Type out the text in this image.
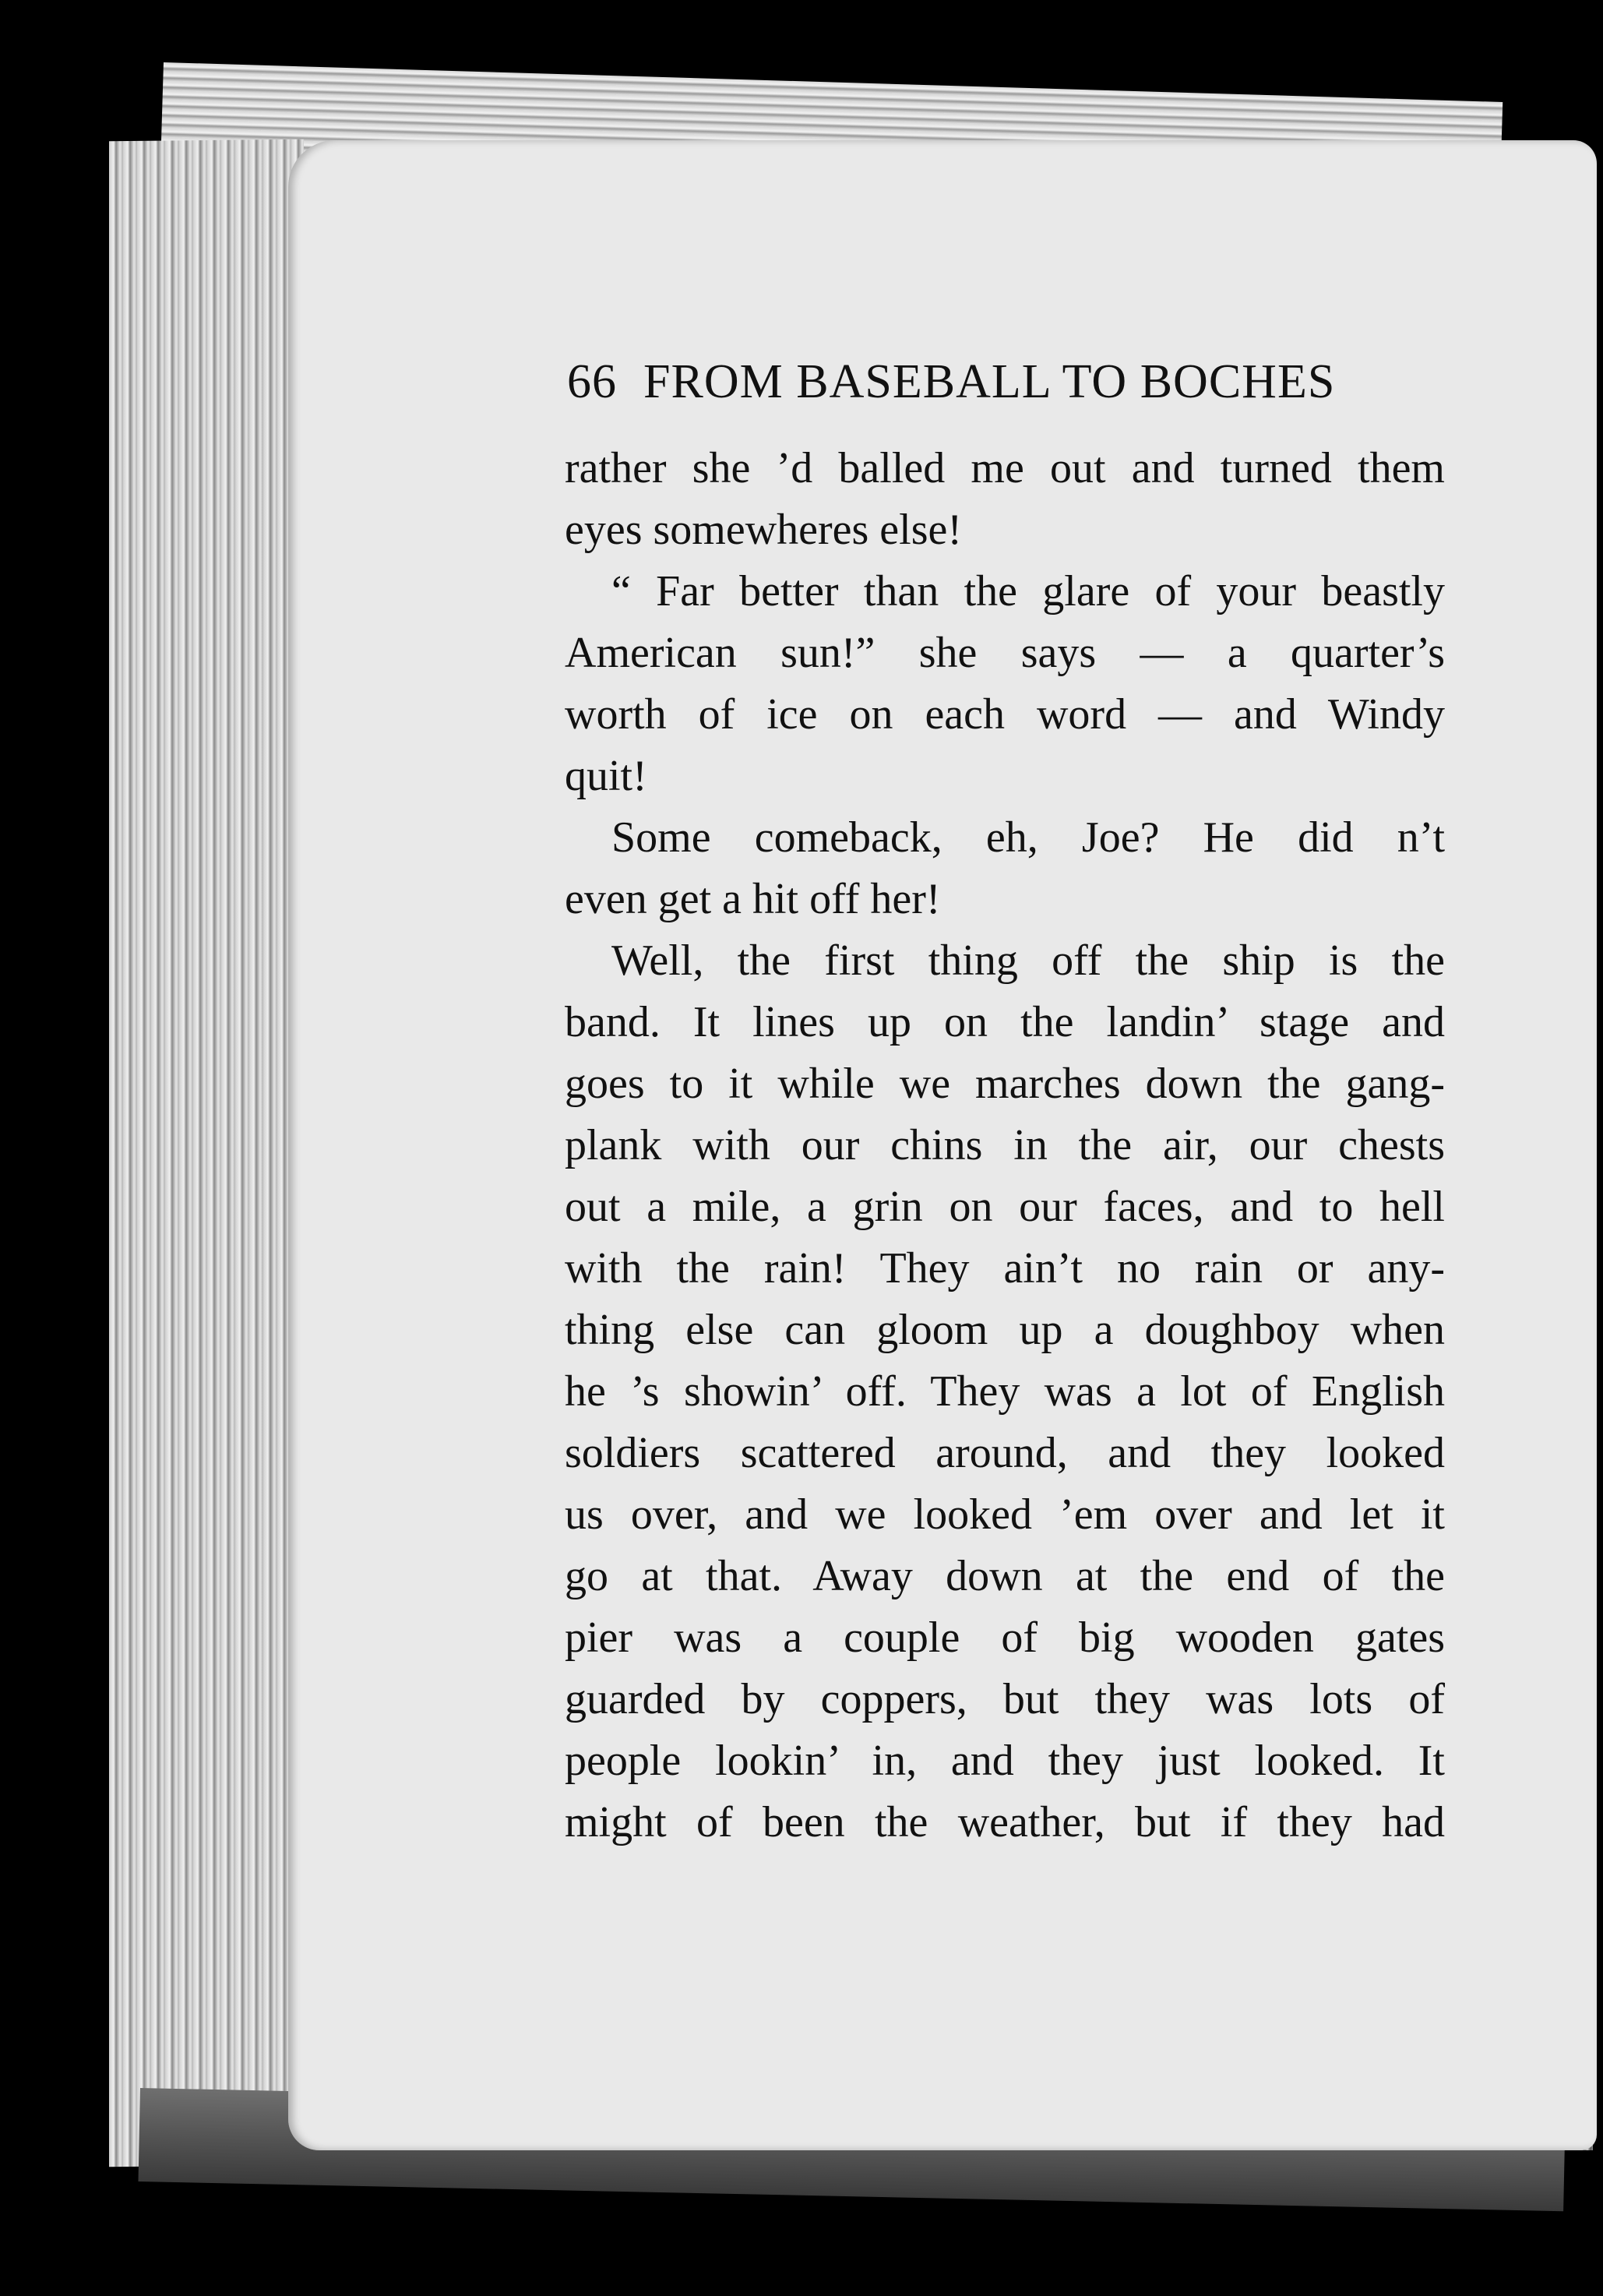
66 FROM BASEBALL TO BOCHES
rather she ’d balled me out and turned them
eyes somewheres else!
“ Far better than the glare of your beastly
American sun!” she says — a quarter’s
worth of ice on each word — and Windy
quit!
Some comeback, eh, Joe? He did n’t
even get a hit off her!
Well, the first thing off the ship is the
band. It lines up on the landin’ stage and
goes to it while we marches down the gang-
plank with our chins in the air, our chests
out a mile, a grin on our faces, and to hell
with the rain! They ain’t no rain or any-
thing else can gloom up a doughboy when
he ’s showin’ off. They was a lot of English
soldiers scattered around, and they looked
us over, and we looked ’em over and let it
go at that. Away down at the end of the
pier was a couple of big wooden gates
guarded by coppers, but they was lots of
people lookin’ in, and they just looked. It
might of been the weather, but if they had
